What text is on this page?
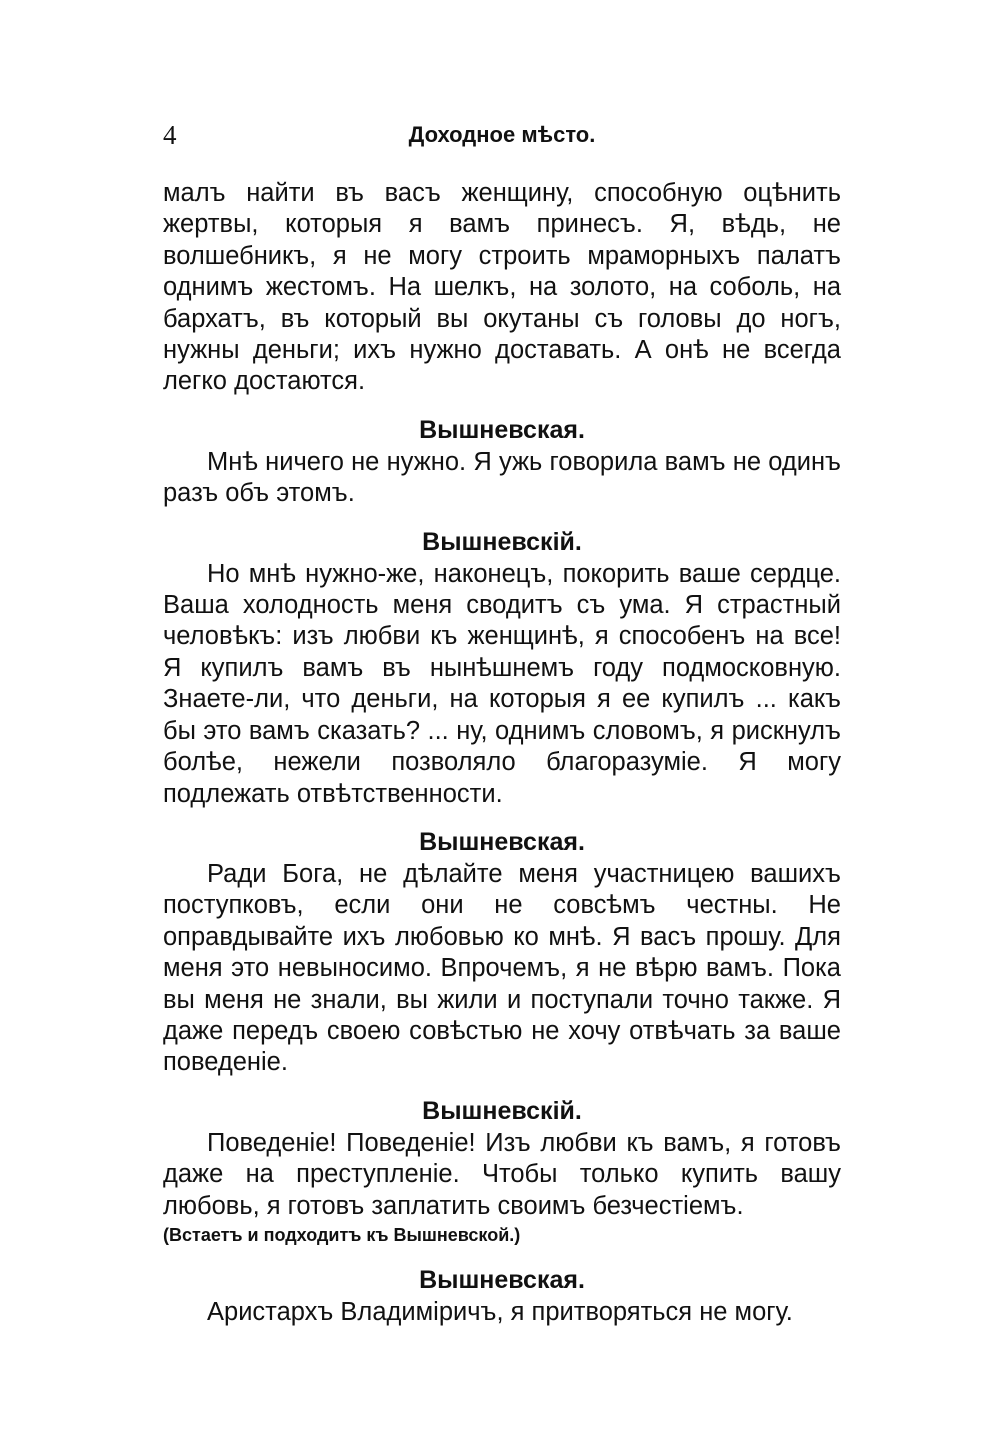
4	Доходное мѣсто.

малъ найти въ васъ женщину, способную оцѣнить жертвы, которыя я вамъ принесъ. Я, вѣдь, не волшебникъ, я не могу строить мраморныхъ палатъ однимъ жестомъ. На шелкъ, на золото, на соболь, на бархатъ, въ который вы окутаны съ головы до ногъ, нужны деньги; ихъ нужно доставать. А онѣ не всегда легко достаются.

Вышневская.

Мнѣ ничего не нужно. Я ужь говорила вамъ не одинъ разъ объ этомъ.

Вышневскій.

Но мнѣ нужно-же, наконецъ, покорить ваше сердце. Ваша холодность меня сводитъ съ ума. Я страстный человѣкъ: изъ любви къ женщинѣ, я способенъ на все! Я купилъ вамъ въ нынѣшнемъ году подмосковную. Знаете-ли, что деньги, на которыя я ее купилъ ... какъ бы это вамъ сказать? ... ну, однимъ словомъ, я рискнулъ болѣе, нежели позволяло благоразуміе. Я могу подлежать отвѣтственности.

Вышневская.

Ради Бога, не дѣлайте меня участницею вашихъ поступковъ, если они не совсѣмъ честны. Не оправдывайте ихъ любовью ко мнѣ. Я васъ прошу. Для меня это невыносимо. Впрочемъ, я не вѣрю вамъ. Пока вы меня не знали, вы жили и поступали точно также. Я даже передъ своею совѣстью не хочу отвѣчать за ваше поведеніе.

Вышневскій.

Поведеніе! Поведеніе! Изъ любви къ вамъ, я готовъ даже на преступленіе. Чтобы только купить вашу любовь, я готовъ заплатить своимъ безчестіемъ.

(Встаетъ и подходитъ къ Вышневской.)

Вышневская.

Аристархъ Владиміричъ, я притворяться не могу.
